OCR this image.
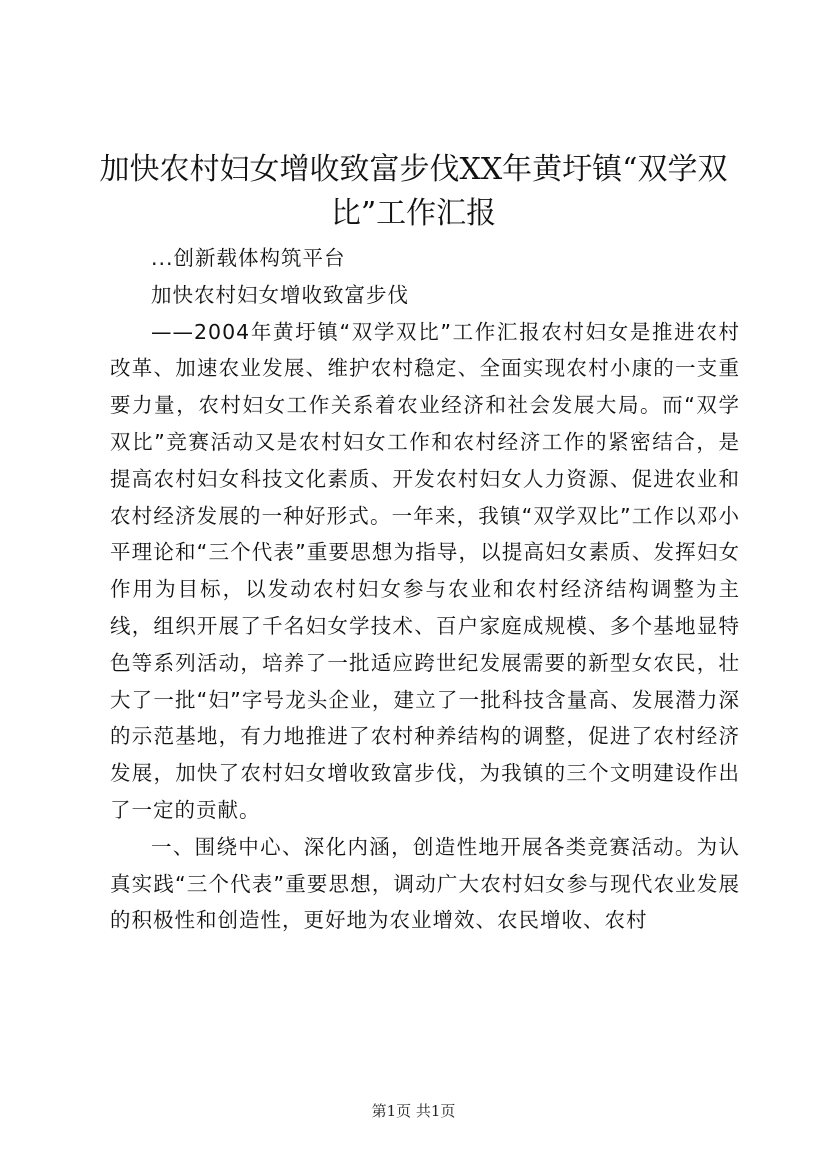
加快农村妇女增收致富步伐XX年黄圩镇“双学双比”工作汇报

...创新载体构筑平台

加快农村妇女增收致富步伐

——2004年黄圩镇“双学双比”工作汇报农村妇女是推进农村改革、加速农业发展、维护农村稳定、全面实现农村小康的一支重要力量，农村妇女工作关系着农业经济和社会发展大局。而“双学双比”竞赛活动又是农村妇女工作和农村经济工作的紧密结合，是提高农村妇女科技文化素质、开发农村妇女人力资源、促进农业和农村经济发展的一种好形式。一年来，我镇“双学双比”工作以邓小平理论和“三个代表”重要思想为指导，以提高妇女素质、发挥妇女作用为目标，以发动农村妇女参与农业和农村经济结构调整为主线，组织开展了千名妇女学技术、百户家庭成规模、多个基地显特色等系列活动，培养了一批适应跨世纪发展需要的新型女农民，壮大了一批“妇”字号龙头企业，建立了一批科技含量高、发展潜力深的示范基地，有力地推进了农村种养结构的调整，促进了农村经济发展，加快了农村妇女增收致富步伐，为我镇的三个文明建设作出了一定的贡献。

一、围绕中心、深化内涵，创造性地开展各类竞赛活动。为认真实践“三个代表”重要思想，调动广大农村妇女参与现代农业发展的积极性和创造性，更好地为农业增效、农民增收、农村

第1页 共1页
